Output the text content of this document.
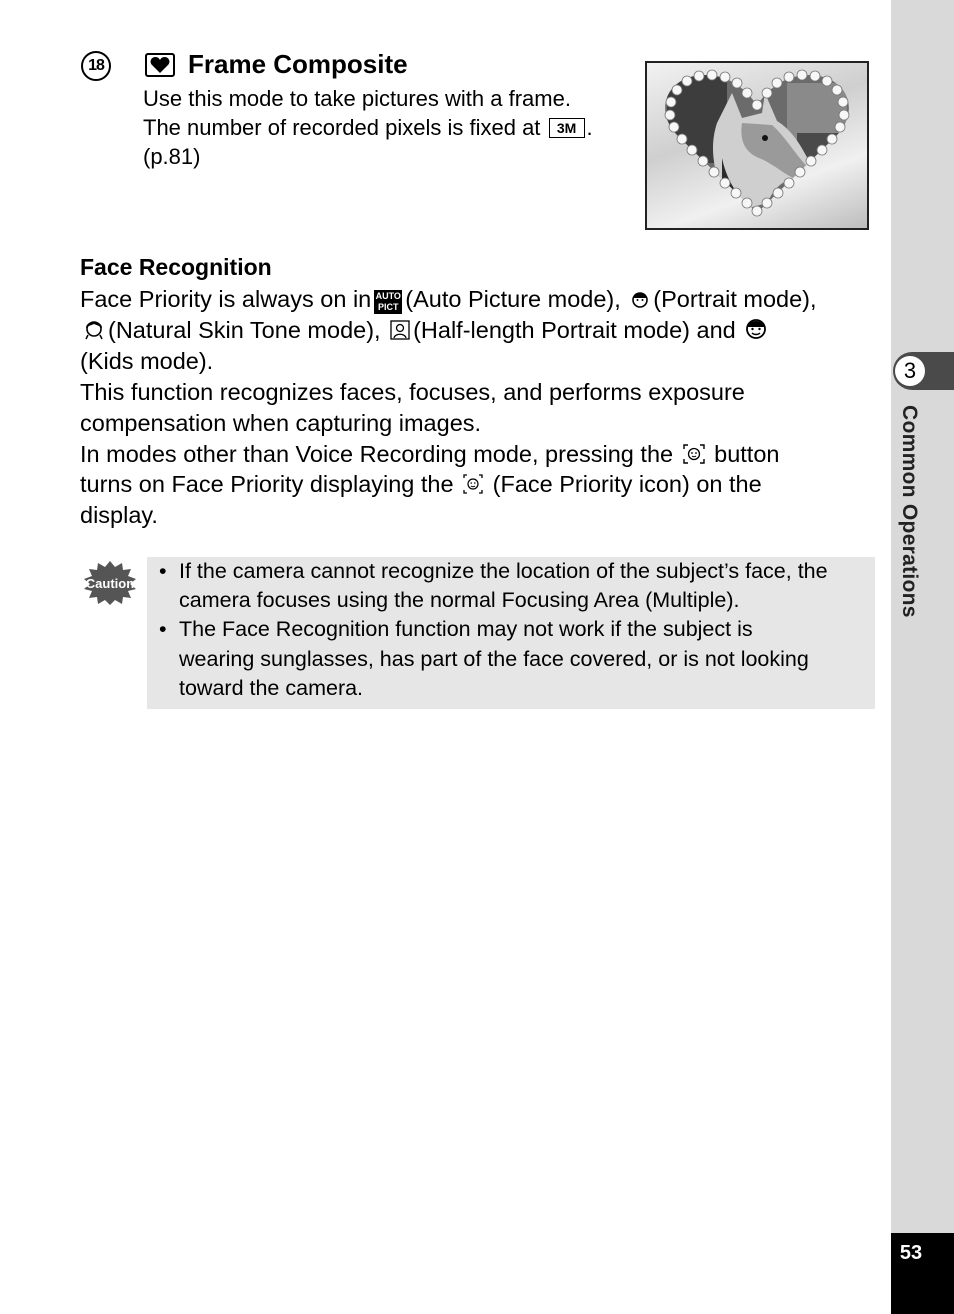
3
Common Operations
53
18	Frame Composite
Use this mode to take pictures with a frame.
The number of recorded pixels is fixed at 3M .
(p.81)
Face Recognition
Face Priority is always on in AUTO
PICT (Auto Picture mode), (Portrait mode),
(Natural Skin Tone mode), (Half-length Portrait mode) and
(Kids mode).
This function recognizes faces, focuses, and performs exposure
compensation when capturing images.
In modes other than Voice Recording mode, pressing the button
turns on Face Priority displaying the (Face Priority icon) on the
display.
Caution
• If the camera cannot recognize the location of the subject’s face, the
camera focuses using the normal Focusing Area (Multiple).
• The Face Recognition function may not work if the subject is
wearing sunglasses, has part of the face covered, or is not looking
toward the camera.
